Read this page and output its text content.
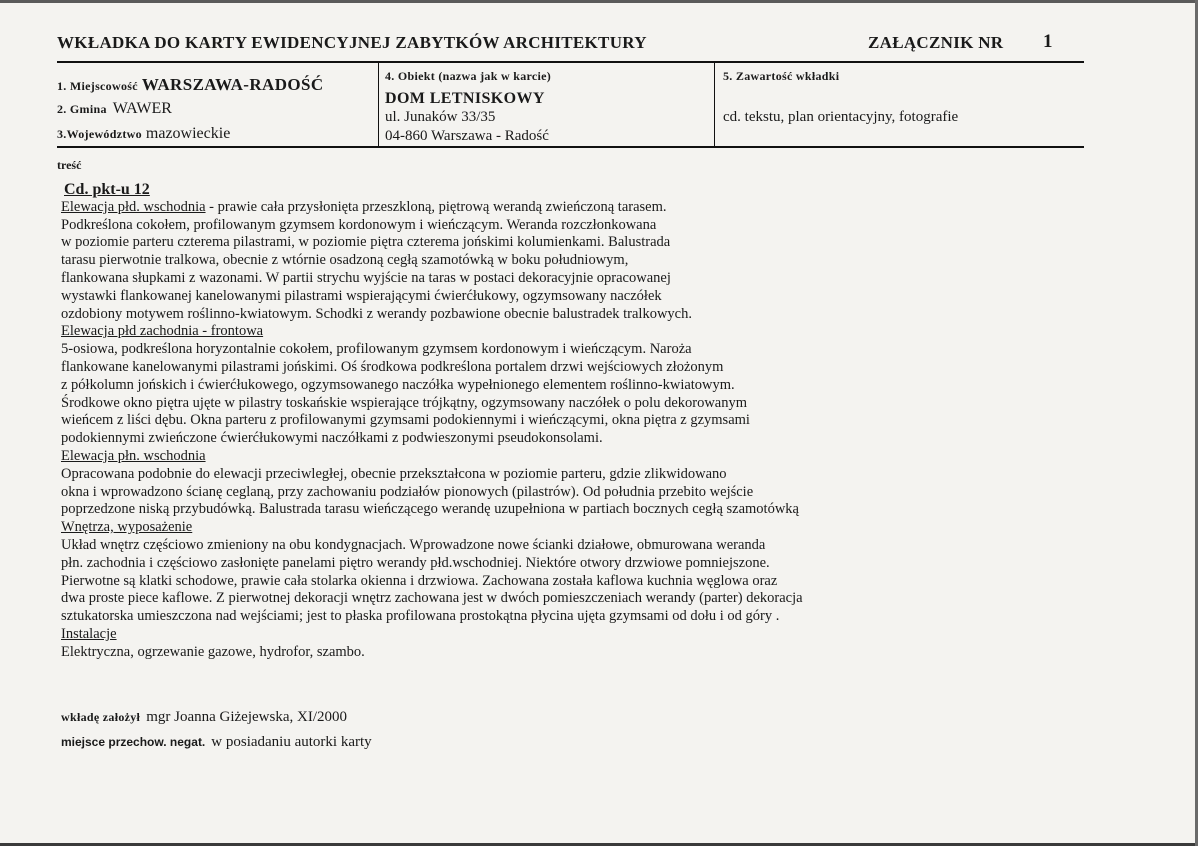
WKŁADKA DO KARTY EWIDENCYJNEJ ZABYTKÓW ARCHITEKTURY	ZAŁĄCZNIK NR 1
1. Miejscowość WARSZAWA-RADOŚĆ
2. Gmina WAWER
3.Województwo mazowieckie
4. Obiekt (nazwa jak w karcie)
DOM LETNISKOWY
ul. Junaków 33/35
04-860 Warszawa - Radość
5. Zawartość wkładki
cd. tekstu, plan orientacyjny, fotografie
treść
Cd. pkt-u 12
Elewacja płd. wschodnia - prawie cała przysłonięta przeszkloną, piętrową werandą zwieńczoną tarasem.
Podkreślona cokołem, profilowanym gzymsem kordonowym i wieńczącym. Weranda rozczłonkowana
w poziomie parteru czterema pilastrami, w poziomie piętra czterema jońskimi kolumienkami. Balustrada
tarasu pierwotnie tralkowa, obecnie z wtórnie osadzoną cegłą szamotówką w boku południowym,
flankowana słupkami z wazonami. W partii strychu wyjście na taras w postaci dekoracyjnie opracowanej
wystawki flankowanej kanelowanymi pilastrami wspierającymi ćwierćłukowy, ogzymsowany naczółek
ozdobiony motywem roślinno-kwiatowym. Schodki z werandy pozbawione obecnie balustradek tralkowych.
Elewacja płd zachodnia - frontowa
5-osiowa, podkreślona horyzontalnie cokołem, profilowanym gzymsem kordonowym i wieńczącym. Naroża
flankowane kanelowanymi pilastrami jońskimi. Oś środkowa podkreślona portalem drzwi wejściowych złożonym
z półkolumn jońskich i ćwierćłukowego, ogzymsowanego naczółka wypełnionego elementem roślinno-kwiatowym.
Środkowe okno piętra ujęte w pilastry toskańskie wspierające trójkątny, ogzymsowany naczółek o polu dekorowanym
wieńcem z liści dębu. Okna parteru z profilowanymi gzymsami podokiennymi i wieńczącymi, okna piętra z gzymsami
podokiennymi zwieńczone ćwierćłukowymi naczółkami z podwieszonymi pseudokonsolami.
Elewacja płn. wschodnia
Opracowana podobnie do elewacji przeciwległej, obecnie przekształcona w poziomie parteru, gdzie zlikwidowano
okna i wprowadzono ścianę ceglaną, przy zachowaniu podziałów pionowych (pilastrów). Od południa przebito wejście
poprzedzone niską przybudówką. Balustrada tarasu wieńczącego werandę uzupełniona w partiach bocznych cegłą szamotówką
Wnętrza, wyposażenie
Układ wnętrz częściowo zmieniony na obu kondygnacjach. Wprowadzone nowe ścianki działowe, obmurowana weranda
płn. zachodnia i częściowo zasłonięte panelami piętro werandy płd.wschodniej. Niektóre otwory drzwiowe pomniejszone.
Pierwotne są klatki schodowe, prawie cała stolarka okienna i drzwiowa. Zachowana została kaflowa kuchnia węglowa oraz
dwa proste piece kaflowe. Z pierwotnej dekoracji wnętrz zachowana jest w dwóch pomieszczeniach werandy (parter) dekoracja
sztukatorska umieszczona nad wejściami; jest to płaska profilowana prostokątna płycina ujęta gzymsami od dołu i od góry .
Instalacje
Elektryczna, ogrzewanie gazowe, hydrofor, szambo.
wkładę założył mgr Joanna Giżejewska, XI/2000
miejsce przechow. negat. w posiadaniu autorki karty
